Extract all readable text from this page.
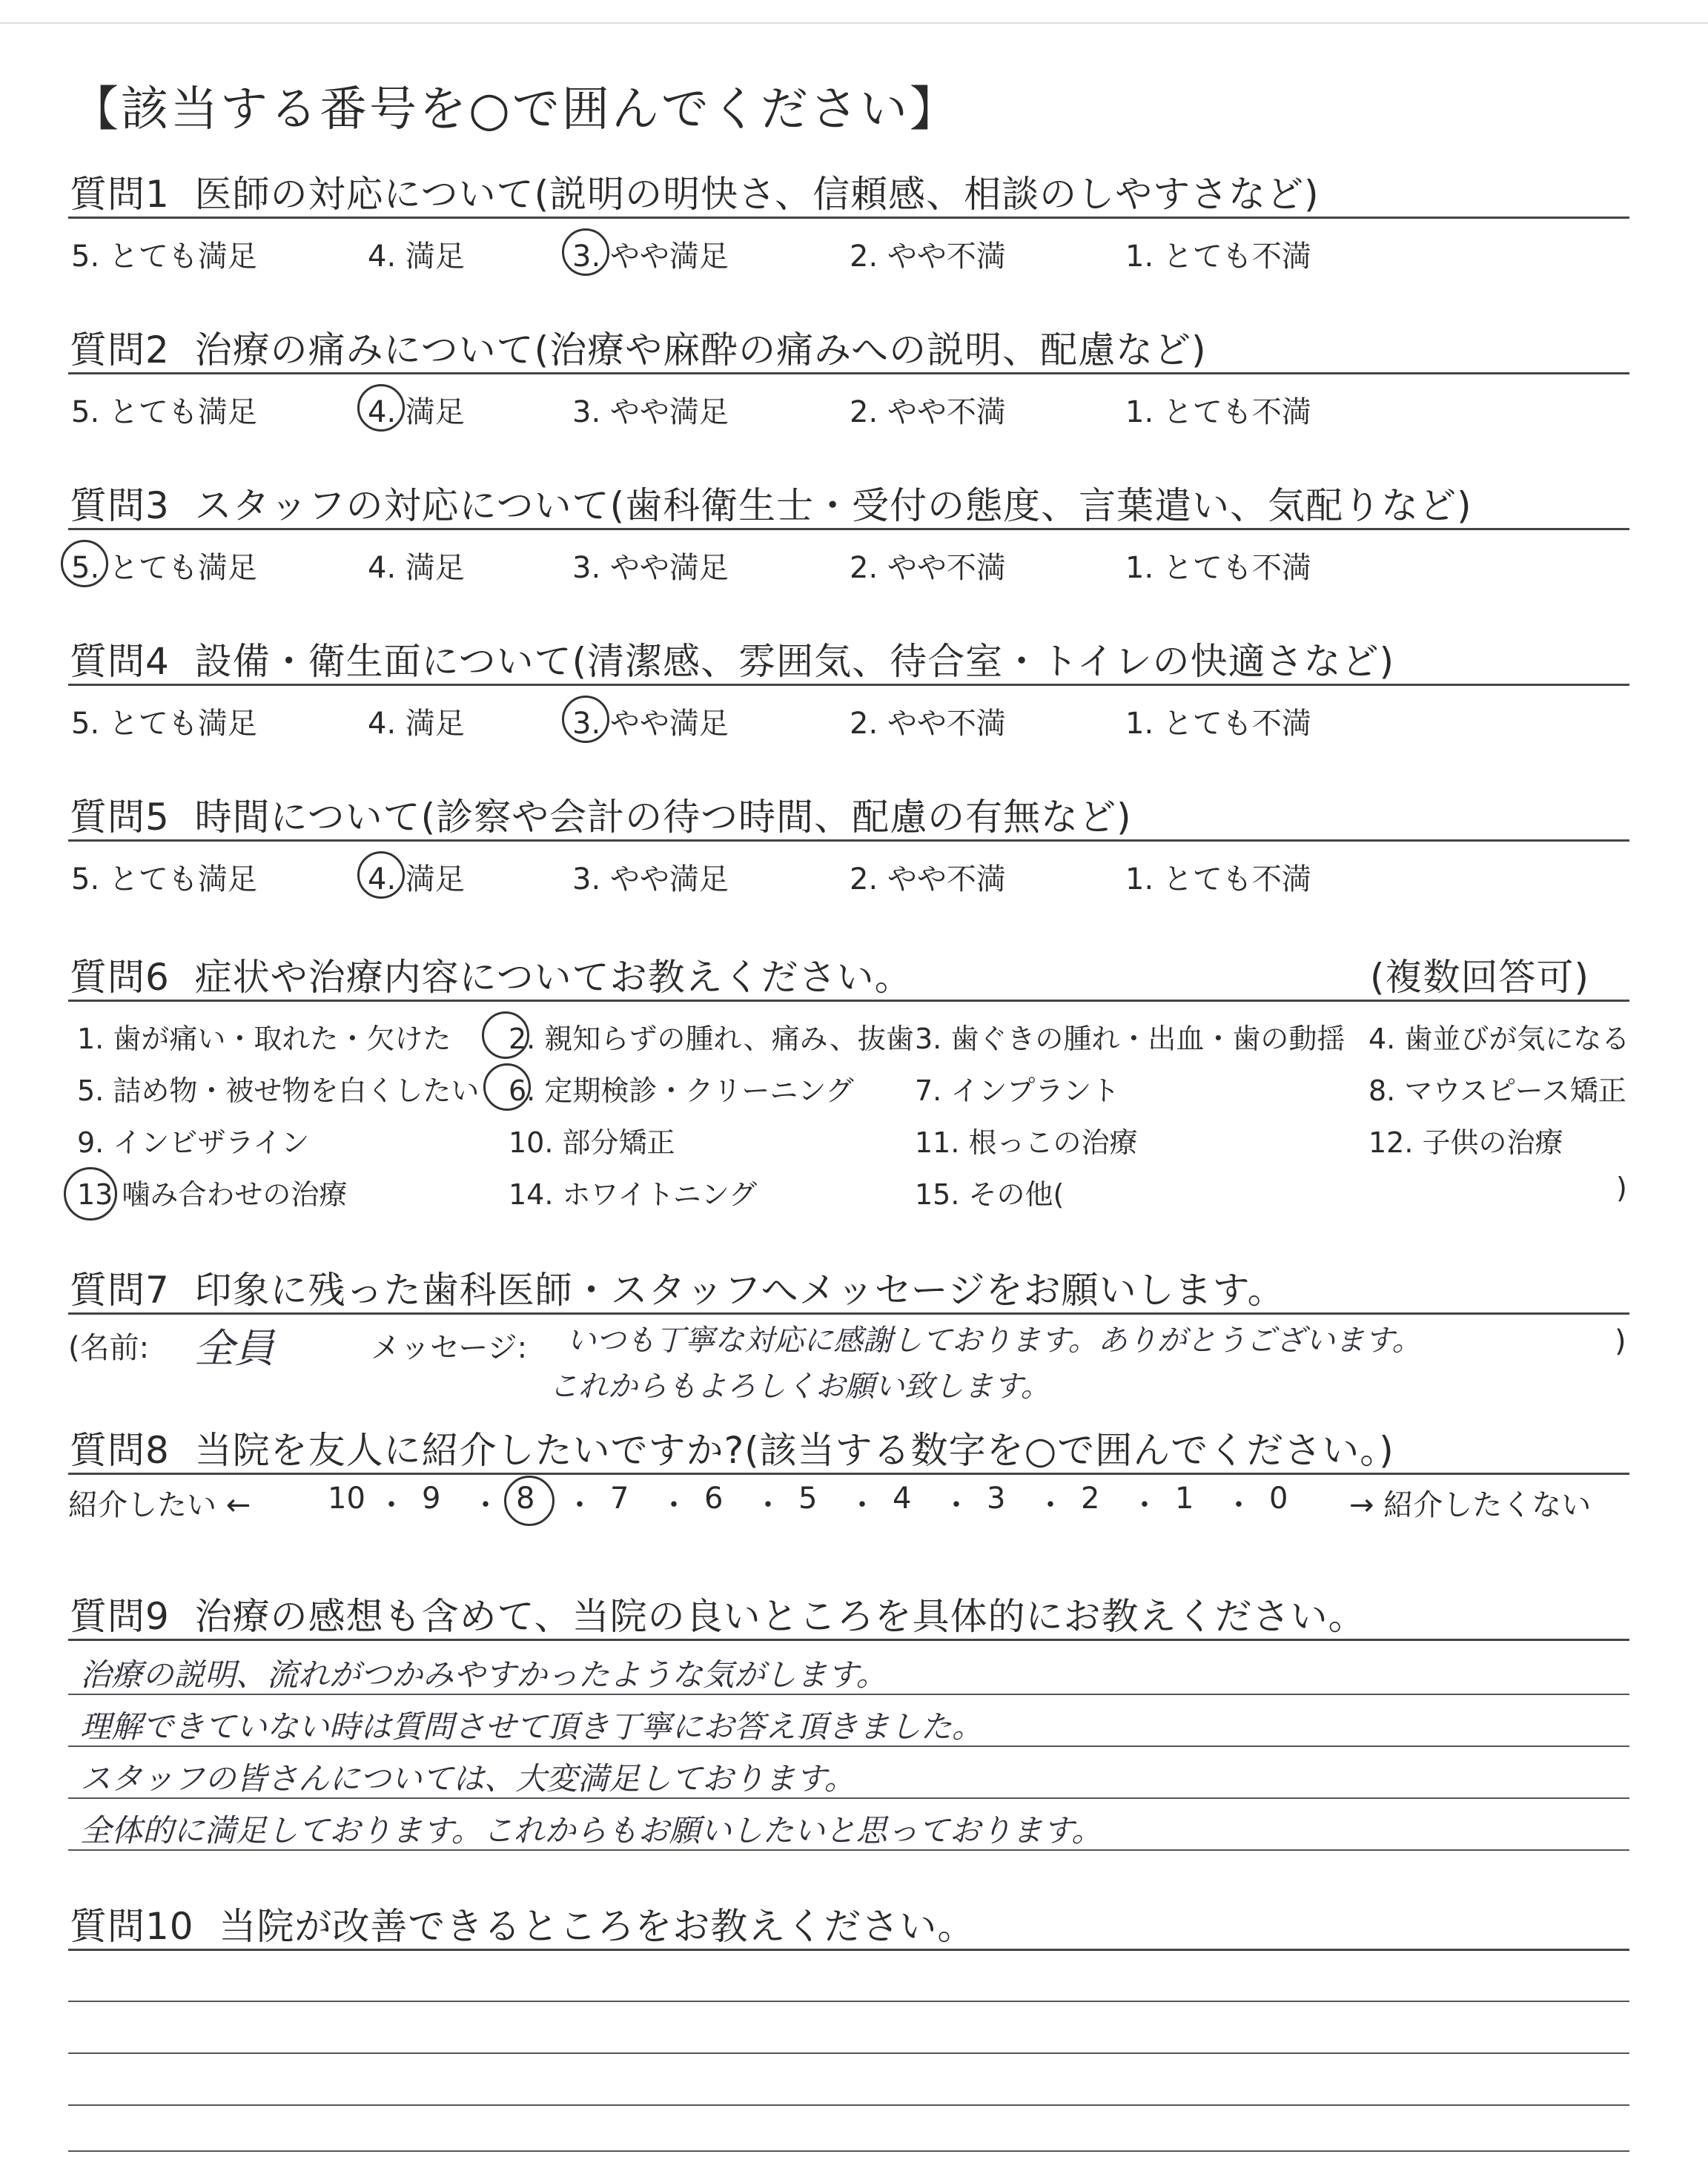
【該当する番号を○で囲んでください】
質問1 医師の対応について(説明の明快さ、信頼感、相談のしやすさなど)
5. とても満足	4. 満足	3. やや満足	2. やや不満	1. とても不満
質問2 治療の痛みについて(治療や麻酔の痛みへの説明、配慮など)
5. とても満足	4. 満足	3. やや満足	2. やや不満	1. とても不満
質問3 スタッフの対応について(歯科衛生士・受付の態度、言葉遣い、気配りなど)
5. とても満足	4. 満足	3. やや満足	2. やや不満	1. とても不満
質問4 設備・衛生面について(清潔感、雰囲気、待合室・トイレの快適さなど)
5. とても満足	4. 満足	3. やや満足	2. やや不満	1. とても不満
質問5 時間について(診察や会計の待つ時間、配慮の有無など)
5. とても満足	4. 満足	3. やや満足	2. やや不満	1. とても不満
質問6 症状や治療内容についてお教えください。	(複数回答可)
1. 歯が痛い・取れた・欠けた 2. 親知らずの腫れ、痛み、抜歯 3. 歯ぐきの腫れ・出血・歯の動揺 4. 歯並びが気になる
5. 詰め物・被せ物を白くしたい 6. 定期検診・クリーニング 7. インプラント	8. マウスピース矯正
9. インビザライン	10. 部分矯正	11. 根っこの治療	12. 子供の治療
13 噛み合わせの治療	14. ホワイトニング	15. その他(	)
質問7 印象に残った歯科医師・スタッフへメッセージをお願いします。
(名前: 全員	メッセージ: いつも丁寧な対応に感謝しております。ありがとうございます。
これからもよろしくお願い致します。
)
質問8 当院を友人に紹介したいですか?(該当する数字を○で囲んでください。)
紹介したい ←	10 ・ 9 ・ 8 ・ 7 ・ 6 ・ 5 ・ 4 ・ 3 ・ 2 ・ 1 ・ 0 → 紹介したくない
質問9 治療の感想も含めて、当院の良いところを具体的にお教えください。
治療の説明、流れがつかみやすかったような気がします。
理解できていない時は質問させて頂き丁寧にお答え頂きました。
スタッフの皆さんについては、大変満足しております。
全体的に満足しております。これからもお願いしたいと思っております。
質問10 当院が改善できるところをお教えください。
